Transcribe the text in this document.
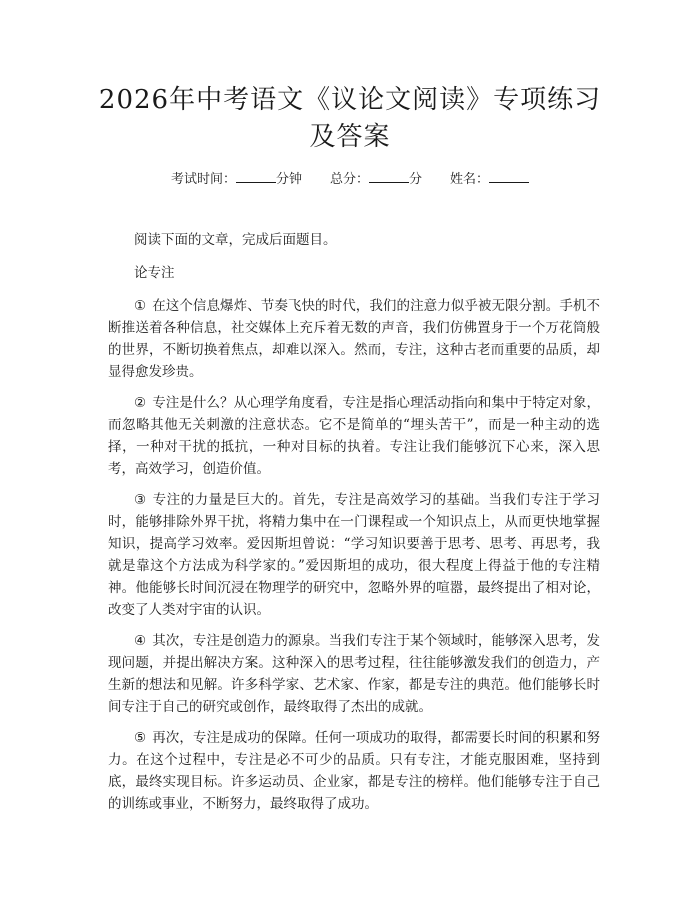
2026年中考语文《议论文阅读》专项练习及答案
考试时间：	分钟 总分：	分 姓名：

阅读下面的文章，完成后面题目。

论专注

① 在这个信息爆炸、节奏飞快的时代，我们的注意力似乎被无限分割。手机不断推送着各种信息，社交媒体上充斥着无数的声音，我们仿佛置身于一个万花筒般的世界，不断切换着焦点，却难以深入。然而，专注，这种古老而重要的品质，却显得愈发珍贵。

② 专注是什么？从心理学角度看，专注是指心理活动指向和集中于特定对象，而忽略其他无关刺激的注意状态。它不是简单的“埋头苦干”，而是一种主动的选择，一种对干扰的抵抗，一种对目标的执着。专注让我们能够沉下心来，深入思考，高效学习，创造价值。

③ 专注的力量是巨大的。首先，专注是高效学习的基础。当我们专注于学习时，能够排除外界干扰，将精力集中在一门课程或一个知识点上，从而更快地掌握知识，提高学习效率。爱因斯坦曾说：“学习知识要善于思考、思考、再思考，我就是靠这个方法成为科学家的。”爱因斯坦的成功，很大程度上得益于他的专注精神。他能够长时间沉浸在物理学的研究中，忽略外界的喧嚣，最终提出了相对论，改变了人类对宇宙的认识。

④ 其次，专注是创造力的源泉。当我们专注于某个领域时，能够深入思考，发现问题，并提出解决方案。这种深入的思考过程，往往能够激发我们的创造力，产生新的想法和见解。许多科学家、艺术家、作家，都是专注的典范。他们能够长时间专注于自己的研究或创作，最终取得了杰出的成就。

⑤ 再次，专注是成功的保障。任何一项成功的取得，都需要长时间的积累和努力。在这个过程中，专注是必不可少的品质。只有专注，才能克服困难，坚持到底，最终实现目标。许多运动员、企业家，都是专注的榜样。他们能够专注于自己的训练或事业，不断努力，最终取得了成功。
